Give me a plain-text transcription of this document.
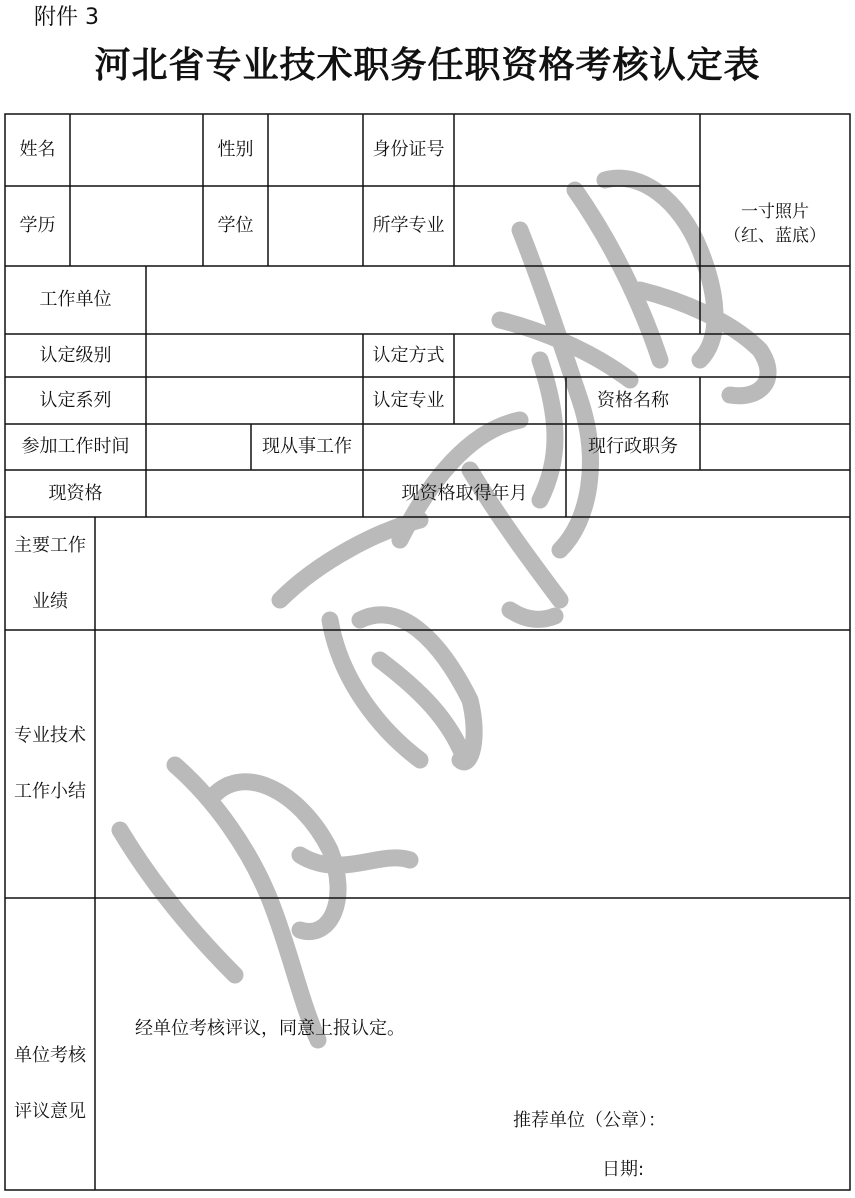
附件 3
河北省专业技术职务任职资格考核认定表
姓名	性别	身份证号
一寸照片
（红、蓝底）
学历	学位	所学专业
工作单位
认定级别	认定方式
认定系列	认定专业	资格名称
参加工作时间	现从事工作	现行政职务
现资格	现资格取得年月
主要工作
业绩
专业技术
工作小结
单位考核
评议意见
经单位考核评议，同意上报认定。
推荐单位（公章）：
日期:
